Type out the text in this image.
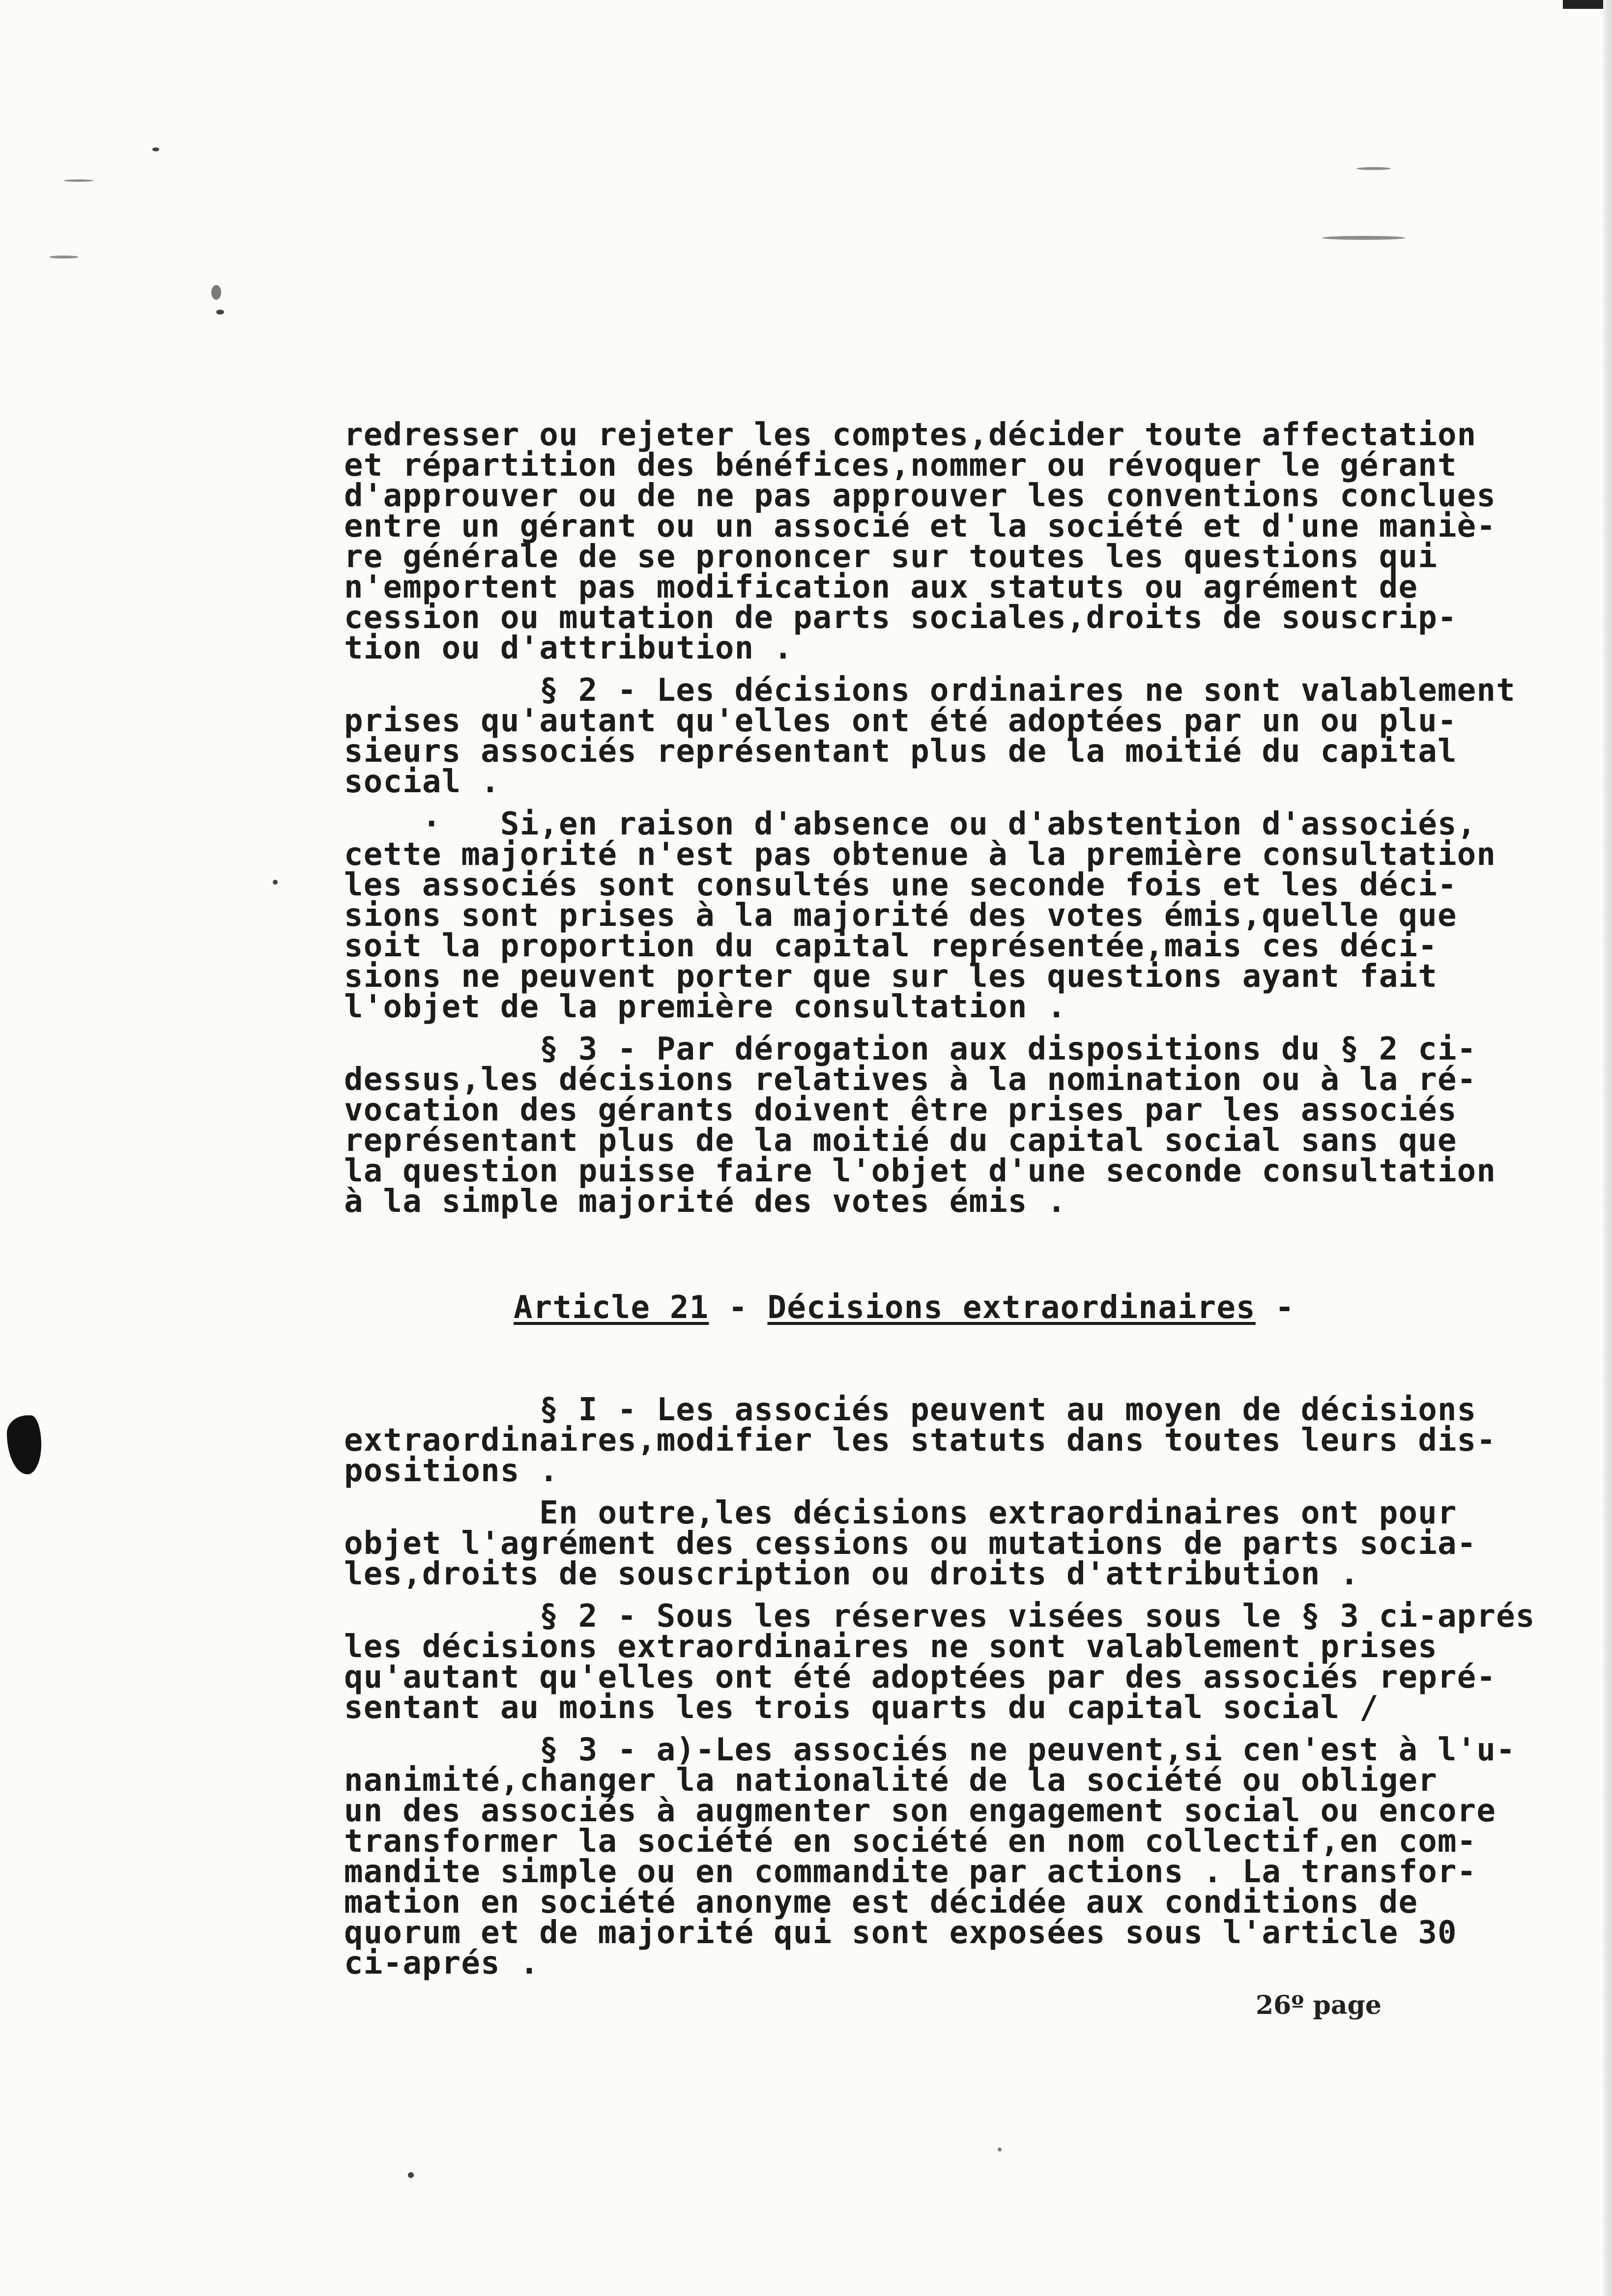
redresser ou rejeter les comptes,décider toute affectation
et répartition des bénéfices,nommer ou révoquer le gérant
d'approuver ou de ne pas approuver les conventions conclues
entre un gérant ou un associé et la société et d'une maniè-
re générale de se prononcer sur toutes les questions qui
n'emportent pas modification aux statuts ou agrément de
cession ou mutation de parts sociales,droits de souscrip-
tion ou d'attribution .
§ 2 - Les décisions ordinaires ne sont valablement
prises qu'autant qu'elles ont été adoptées par un ou plu-
sieurs associés représentant plus de la moitié du capital
social .
·   Si,en raison d'absence ou d'abstention d'associés,
cette majorité n'est pas obtenue à la première consultation
les associés sont consultés une seconde fois et les déci-
sions sont prises à la majorité des votes émis,quelle que
soit la proportion du capital représentée,mais ces déci-
sions ne peuvent porter que sur les questions ayant fait
l'objet de la première consultation .
§ 3 - Par dérogation aux dispositions du § 2 ci-
dessus,les décisions relatives à la nomination ou à la ré-
vocation des gérants doivent être prises par les associés
représentant plus de la moitié du capital social sans que
la question puisse faire l'objet d'une seconde consultation
à la simple majorité des votes émis .

Article 21 - Décisions extraordinaires -

§ I - Les associés peuvent au moyen de décisions
extraordinaires,modifier les statuts dans toutes leurs dis-
positions .
En outre,les décisions extraordinaires ont pour
objet l'agrément des cessions ou mutations de parts socia-
les,droits de souscription ou droits d'attribution .
§ 2 - Sous les réserves visées sous le § 3 ci-aprés
les décisions extraordinaires ne sont valablement prises
qu'autant qu'elles ont été adoptées par des associés repré-
sentant au moins les trois quarts du capital social /
§ 3 - a)-Les associés ne peuvent,si cen'est à l'u-
nanimité,changer la nationalité de la société ou obliger
un des associés à augmenter son engagement social ou encore
transformer la société en société en nom collectif,en com-
mandite simple ou en commandite par actions . La transfor-
mation en société anonyme est décidée aux conditions de
quorum et de majorité qui sont exposées sous l'article 30
ci-aprés .

26º page
